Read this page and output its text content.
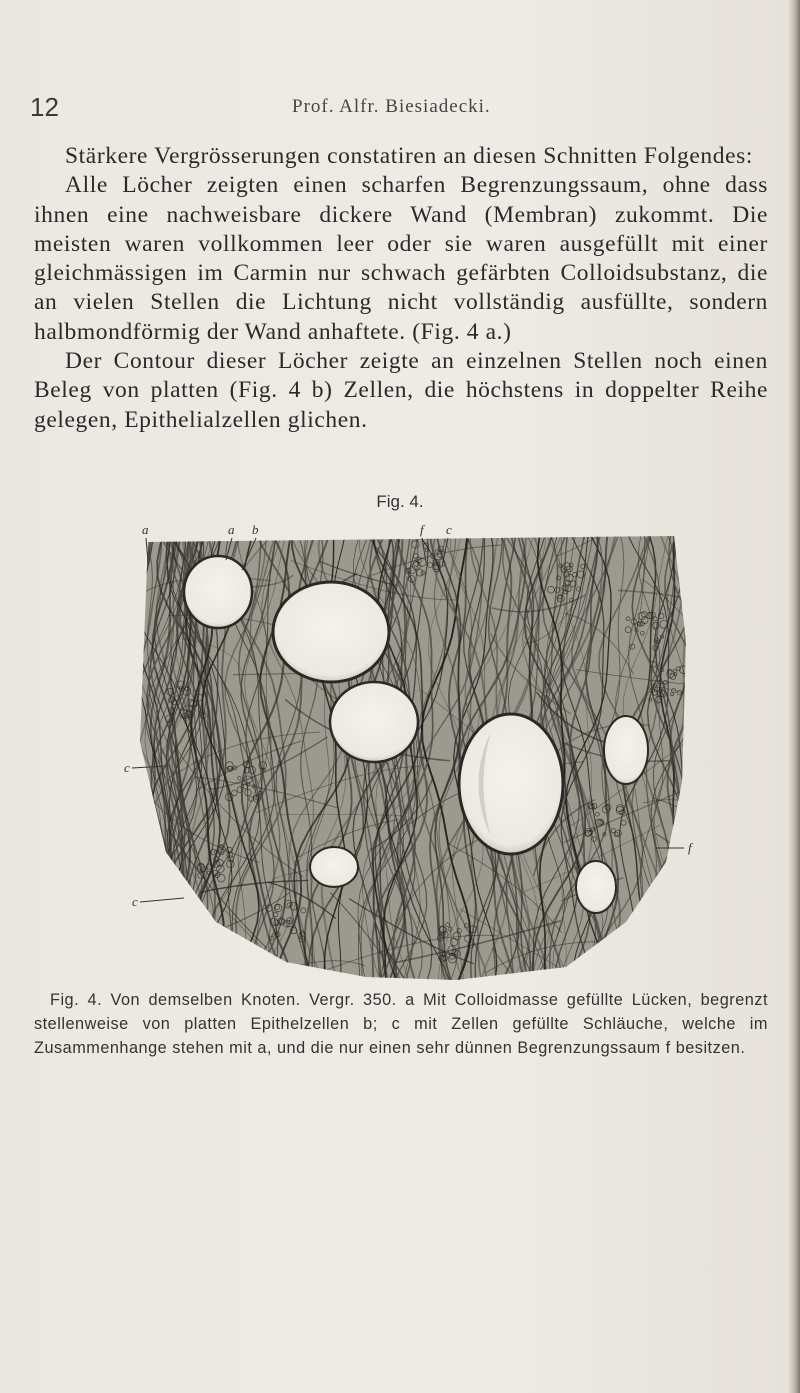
12	Prof. Alfr. Biesiadecki.

Stärkere Vergrösserungen constatiren an diesen Schnitten Folgendes:

Alle Löcher zeigten einen scharfen Begrenzungssaum, ohne dass ihnen eine nachweisbare dickere Wand (Membran) zukommt. Die meisten waren vollkommen leer oder sie waren ausgefüllt mit einer gleichmässigen im Carmin nur schwach gefärbten Colloidsubstanz, die an vielen Stellen die Lichtung nicht vollständig ausfüllte, sondern halbmondförmig der Wand anhaftete. (Fig. 4 a.)

Der Contour dieser Löcher zeigte an einzelnen Stellen noch einen Beleg von platten (Fig. 4 b) Zellen, die höchstens in doppelter Reihe gelegen, Epithelialzellen glichen.

Fig. 4.
a	a b	f c
c
c
f

Fig. 4. Von demselben Knoten. Vergr. 350. a Mit Colloidmasse gefüllte Lücken, begrenzt stellenweise von platten Epithelzellen b; c mit Zellen gefüllte Schläuche, welche im Zusammenhange stehen mit a, und die nur einen sehr dünnen Begrenzungssaum f besitzen.
